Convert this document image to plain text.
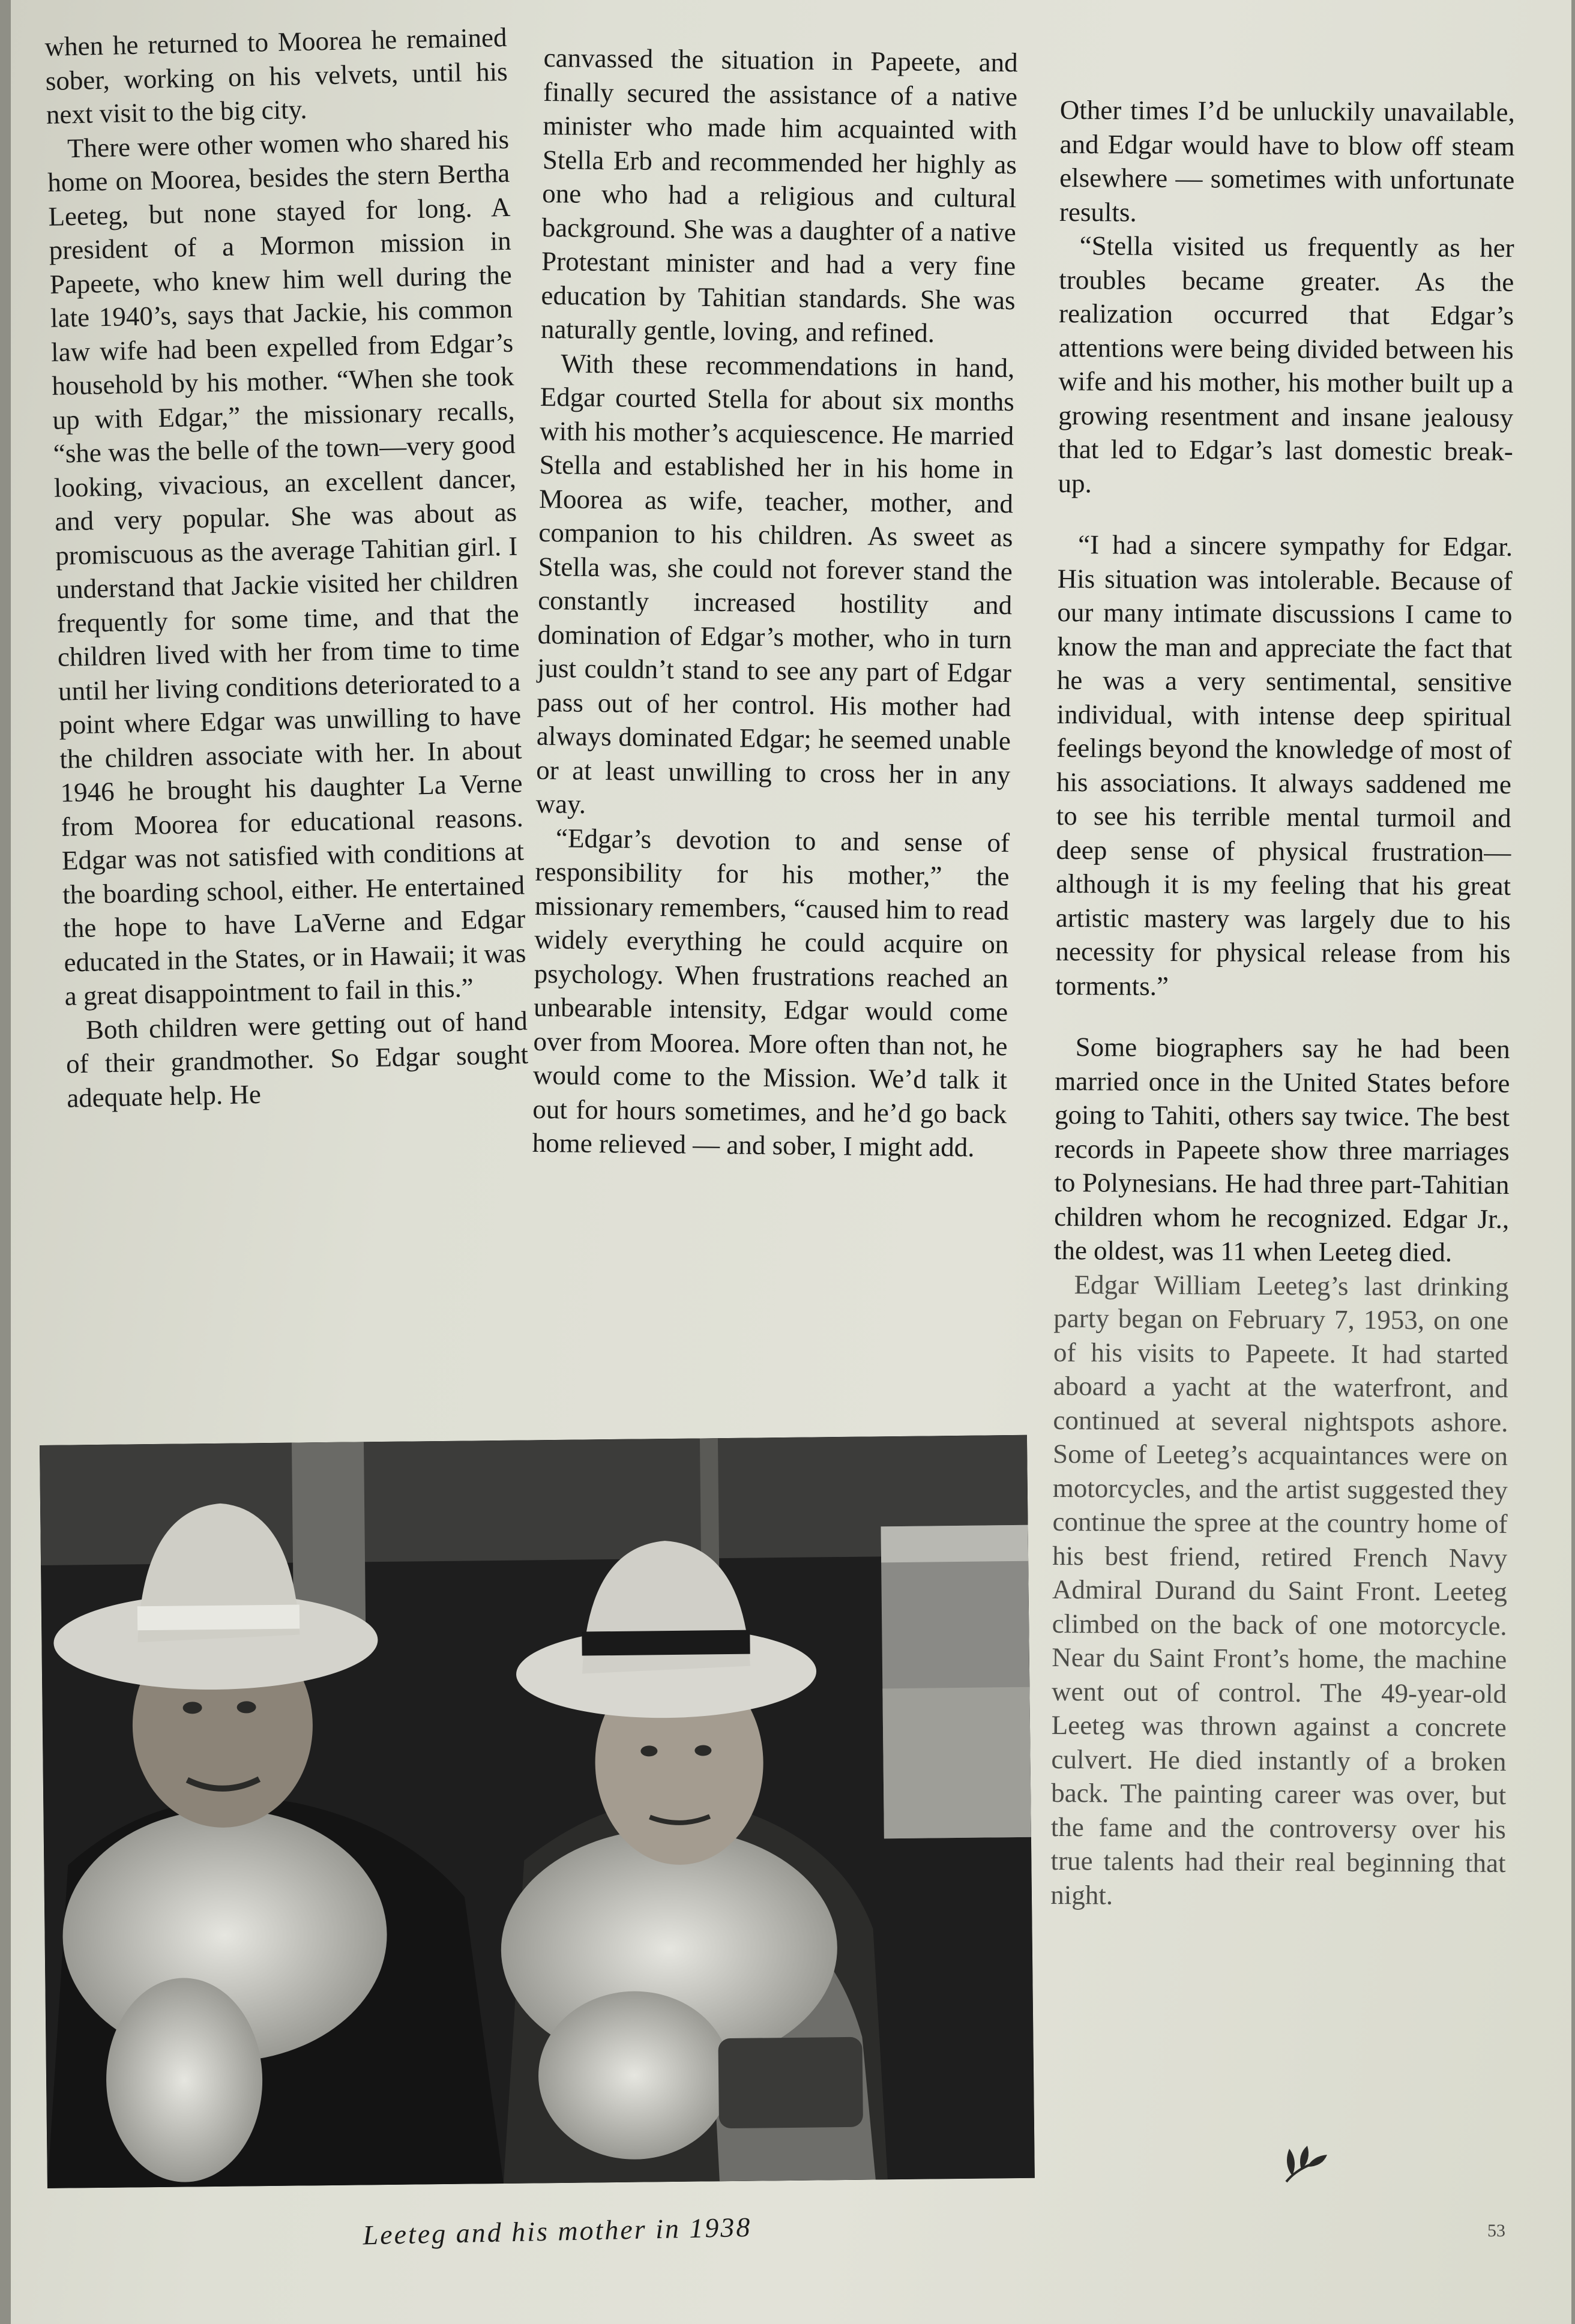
when he returned to Moorea he remained sober, working on his velvets, until his next visit to the big city.

There were other women who shared his home on Moorea, besides the stern Bertha Leeteg, but none stayed for long. A president of a Mormon mission in Papeete, who knew him well during the late 1940’s, says that Jackie, his common law wife had been expelled from Edgar’s household by his mother. “When she took up with Edgar,” the missionary recalls, “she was the belle of the town—very good looking, vivacious, an excellent dancer, and very popular. She was about as promiscuous as the average Tahitian girl. I understand that Jackie visited her children frequently for some time, and that the children lived with her from time to time until her living conditions deteriorated to a point where Edgar was unwilling to have the children associate with her. In about 1946 he brought his daughter La Verne from Moorea for educational reasons. Edgar was not satisfied with conditions at the boarding school, either. He entertained the hope to have LaVerne and Edgar educated in the States, or in Hawaii; it was a great disappointment to fail in this.”

Both children were getting out of hand of their grandmother. So Edgar sought adequate help. He

canvassed the situation in Papeete, and finally secured the assistance of a native minister who made him acquainted with Stella Erb and recommended her highly as one who had a religious and cultural background. She was a daughter of a native Protestant minister and had a very fine education by Tahitian standards. She was naturally gentle, loving, and refined.

With these recommendations in hand, Edgar courted Stella for about six months with his mother’s acquiescence. He married Stella and established her in his home in Moorea as wife, teacher, mother, and companion to his children. As sweet as Stella was, she could not forever stand the constantly increased hostility and domination of Edgar’s mother, who in turn just couldn’t stand to see any part of Edgar pass out of her control. His mother had always dominated Edgar; he seemed unable or at least unwilling to cross her in any way.

“Edgar’s devotion to and sense of responsibility for his mother,” the missionary remembers, “caused him to read widely everything he could acquire on psychology. When frustrations reached an unbearable intensity, Edgar would come over from Moorea. More often than not, he would come to the Mission. We’d talk it out for hours sometimes, and he’d go back home relieved — and sober, I might add.

Other times I’d be unluckily unavailable, and Edgar would have to blow off steam elsewhere — sometimes with unfortunate results.

“Stella visited us frequently as her troubles became greater. As the realization occurred that Edgar’s attentions were being divided between his wife and his mother, his mother built up a growing resentment and insane jealousy that led to Edgar’s last domestic break-up.

“I had a sincere sympathy for Edgar. His situation was intolerable. Because of our many intimate discussions I came to know the man and appreciate the fact that he was a very sentimental, sensitive individual, with intense deep spiritual feelings beyond the knowledge of most of his associations. It always saddened me to see his terrible mental turmoil and deep sense of physical frustration—although it is my feeling that his great artistic mastery was largely due to his necessity for physical release from his torments.”

Some biographers say he had been married once in the United States before going to Tahiti, others say twice. The best records in Papeete show three marriages to Polynesians. He had three part-Tahitian children whom he recognized. Edgar Jr., the oldest, was 11 when Leeteg died.

Edgar William Leeteg’s last drinking party began on February 7, 1953, on one of his visits to Papeete. It had started aboard a yacht at the waterfront, and continued at several nightspots ashore. Some of Leeteg’s acquaintances were on motorcycles, and the artist suggested they continue the spree at the country home of his best friend, retired French Navy Admiral Durand du Saint Front. Leeteg climbed on the back of one motorcycle. Near du Saint Front’s home, the machine went out of control. The 49-year-old Leeteg was thrown against a concrete culvert. He died instantly of a broken back. The painting career was over, but the fame and the controversy over his true talents had their real beginning that night.

Leeteg and his mother in 1938	53
